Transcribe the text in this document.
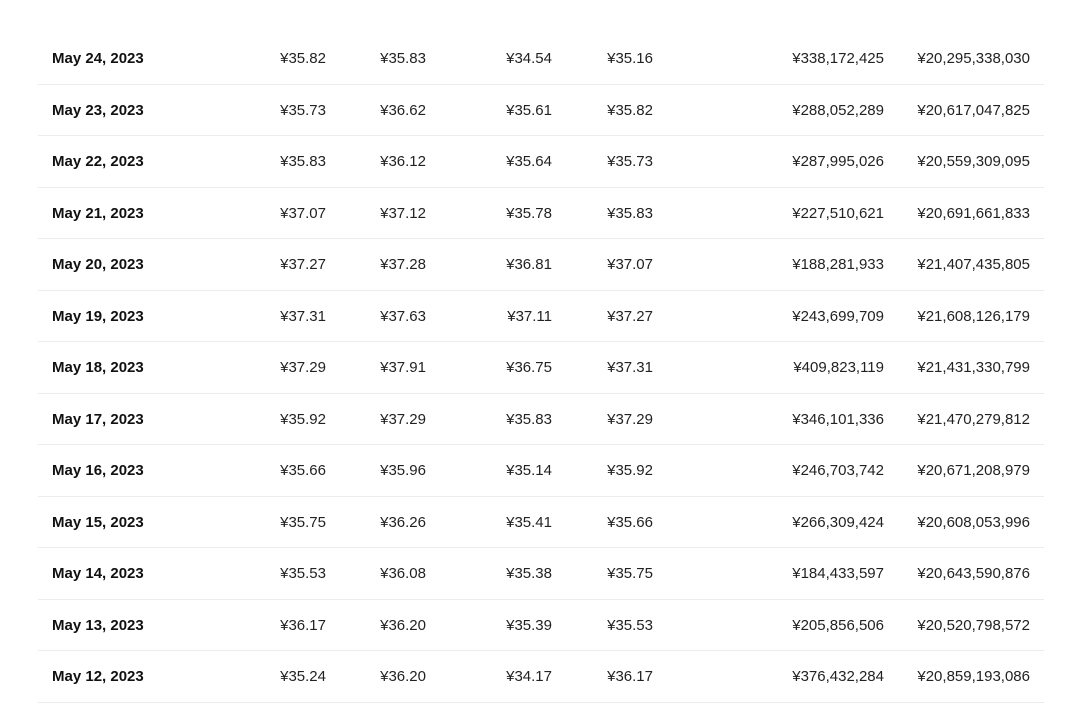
May 24, 2023	¥35.82	¥35.83	¥34.54	¥35.16	¥338,172,425 ¥20,295,338,030
May 23, 2023	¥35.73	¥36.62	¥35.61	¥35.82	¥288,052,289 ¥20,617,047,825
May 22, 2023	¥35.83	¥36.12	¥35.64	¥35.73	¥287,995,026 ¥20,559,309,095
May 21, 2023	¥37.07	¥37.12	¥35.78	¥35.83	¥227,510,621 ¥20,691,661,833
May 20, 2023	¥37.27	¥37.28	¥36.81	¥37.07	¥188,281,933 ¥21,407,435,805
May 19, 2023	¥37.31	¥37.63	¥37.11	¥37.27	¥243,699,709 ¥21,608,126,179
May 18, 2023	¥37.29	¥37.91	¥36.75	¥37.31	¥409,823,119 ¥21,431,330,799
May 17, 2023	¥35.92	¥37.29	¥35.83	¥37.29	¥346,101,336 ¥21,470,279,812
May 16, 2023	¥35.66	¥35.96	¥35.14	¥35.92	¥246,703,742 ¥20,671,208,979
May 15, 2023	¥35.75	¥36.26	¥35.41	¥35.66	¥266,309,424 ¥20,608,053,996
May 14, 2023	¥35.53	¥36.08	¥35.38	¥35.75	¥184,433,597 ¥20,643,590,876
May 13, 2023	¥36.17	¥36.20	¥35.39	¥35.53	¥205,856,506 ¥20,520,798,572
May 12, 2023	¥35.24	¥36.20	¥34.17	¥36.17	¥376,432,284 ¥20,859,193,086
